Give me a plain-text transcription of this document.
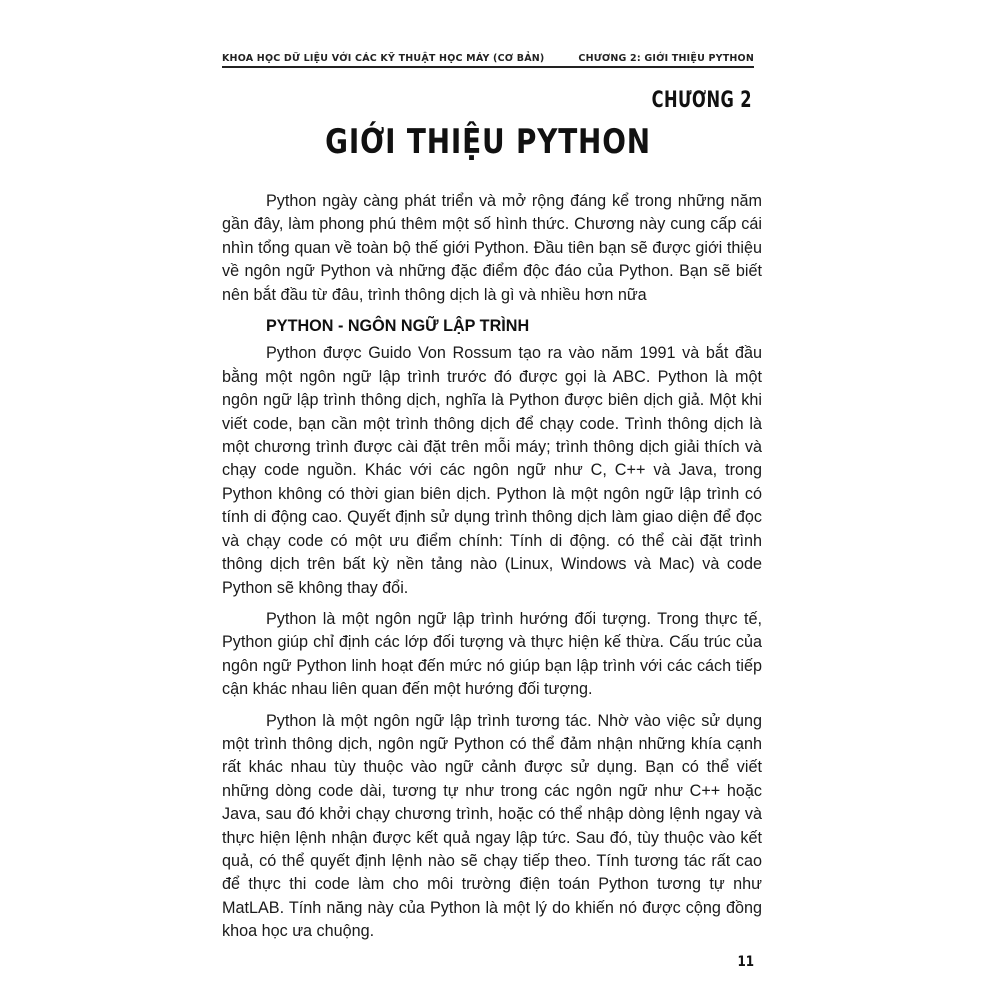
KHOA HỌC DỮ LIỆU VỚI CÁC KỸ THUẬT HỌC MÁY (CƠ BẢN)	CHƯƠNG 2: GIỚI THIỆU PYTHON
CHƯƠNG 2
GIỚI THIỆU PYTHON

Python ngày càng phát triển và mở rộng đáng kể trong những năm gần đây, làm phong phú thêm một số hình thức. Chương này cung cấp cái nhìn tổng quan về toàn bộ thế giới Python. Đầu tiên bạn sẽ được giới thiệu về ngôn ngữ Python và những đặc điểm độc đáo của Python. Bạn sẽ biết nên bắt đầu từ đâu, trình thông dịch là gì và nhiều hơn nữa

PYTHON - NGÔN NGỮ LẬP TRÌNH

Python được Guido Von Rossum tạo ra vào năm 1991 và bắt đầu bằng một ngôn ngữ lập trình trước đó được gọi là ABC. Python là một ngôn ngữ lập trình thông dịch, nghĩa là Python được biên dịch giả. Một khi viết code, bạn cần một trình thông dịch để chạy code. Trình thông dịch là một chương trình được cài đặt trên mỗi máy; trình thông dịch giải thích và chạy code nguồn. Khác với các ngôn ngữ như C, C++ và Java, trong Python không có thời gian biên dịch. Python là một ngôn ngữ lập trình có tính di động cao. Quyết định sử dụng trình thông dịch làm giao diện để đọc và chạy code có một ưu điểm chính: Tính di động. có thể cài đặt trình thông dịch trên bất kỳ nền tảng nào (Linux, Windows và Mac) và code Python sẽ không thay đổi.

Python là một ngôn ngữ lập trình hướng đối tượng. Trong thực tế, Python giúp chỉ định các lớp đối tượng và thực hiện kế thừa. Cấu trúc của ngôn ngữ Python linh hoạt đến mức nó giúp bạn lập trình với các cách tiếp cận khác nhau liên quan đến một hướng đối tượng.

Python là một ngôn ngữ lập trình tương tác. Nhờ vào việc sử dụng một trình thông dịch, ngôn ngữ Python có thể đảm nhận những khía cạnh rất khác nhau tùy thuộc vào ngữ cảnh được sử dụng. Bạn có thể viết những dòng code dài, tương tự như trong các ngôn ngữ như C++ hoặc Java, sau đó khởi chạy chương trình, hoặc có thể nhập dòng lệnh ngay và thực hiện lệnh nhận được kết quả ngay lập tức. Sau đó, tùy thuộc vào kết quả, có thể quyết định lệnh nào sẽ chạy tiếp theo. Tính tương tác rất cao để thực thi code làm cho môi trường điện toán Python tương tự như MatLAB. Tính năng này của Python là một lý do khiến nó được cộng đồng khoa học ưa chuộng.

11
